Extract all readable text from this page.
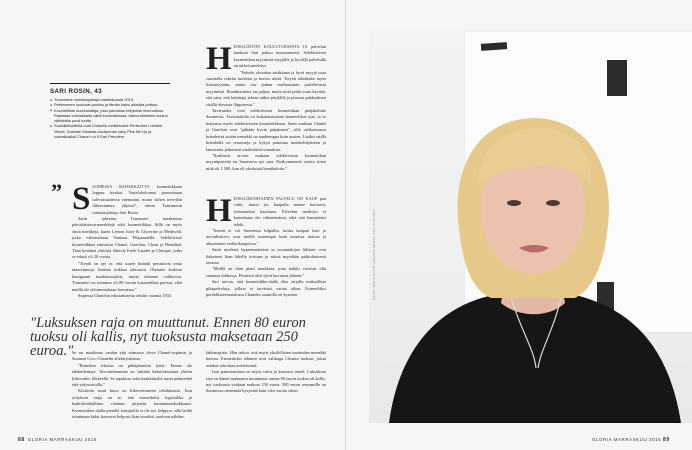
SARI ROSIN, 43
► Transmerin toimitusjohtaja maaliskuusta 2015.
► Perheeseen kuuluvat puoliso ja tämän kaksi aikuista poikaa.
► Kosmetiikan suurkuluttaja, joka panostaa erityisesti ihonhoitoon. Rakastaa voimakkaita väriä luomiväreissa. Aamurutiineihin kuuluu vähintään puoli tuntia.
► Suosikkituotteita ovat Chanelin meikkivoide Perfection Lumière Velvet, Guerlain Kisskiss-huulipunan sävy Pink Me Up ja voimakkaiksi Chanel n:o 5 Eau Première.
” SUOMESSA RAHAKKAITTO kosmetiikkaan loppuu levakat. Vartaloholonnot panostetaan tulevaisuudessa enemmän, mutta siihen tren-diin liiketoiminta jäljessä", toteaa Transmerin toimitusjohtaja Sari Rosin.

Sarin johtama Transmeri maahantuo päivittäistavaramerkkejä sekä kosmetiikkaa. Sillä on myös omia merkkejä, kuten Lemon Juice & Glycerine ja Mediwith, jotka valmistetaan Vantaan Pitajamäellä. Selektiivistä kosmetiikkaa edustavat Chanel, Guerlain, Clean ja Herndbal. Tänä keväänä yhtiöstä lähtivät Estée Lauder ja Clinique, jotka se edusti yli 20 vuotta.

"Trendi on nyt se, että suuret brändit perustavat omia maaorinnoja, kunhan tiukkaa tahtoavat. Olemme kaikista kumppanit maahantuojiksi, mutta olemme valikoivia. Transmeri on toiminut yli 80 vuotta kosmetiikan parissa, eikä meillä ole aikomustakaan luovuttaa."

Suptessa Chanelin edustamisesta tehtiin vuonna 1933.

HENKILÖSTÖN KOULUTUKSESTA JA palvelun laadusta Sari puhuu innostuneesti. Selektiivisen kosmetiikan myymistä myyjälle ja hyvällä palvelulla on tärkeä merkitys.

"Palvelu ohouttaa asiakkaan ja hyvä myyjä osaa suositella oikeita tuotteita ja kertoa niistä. Tieyoti tähdätään myös lisäsmyyntiin, mutta itse puhun mieluummin palvelevasta myynnistä. Brandtuotteita on paljon, mutta niitä pitää osata käyttää, että saisi, että kuluttaja jaksaa tutkia pöydällä ja pinossa pakkauksen sisällä olevasta flippusesta."

Tavaratalot ovat selektiivisen kosmetiikan pääjakeluite Suomessa. Tavaratalolla on kokonaisuutena haasteelliset ajat, ja se heijastuu myös selektiiviseen kosmetiikkaan. Sarin mukaan Chanel ja Guerlain ovat "pitkään hyvin pärjänneet", sillä valikoimassa brändeissä sisään menekki on taudtemppa kuin uusien. Lisäksi näillä brändeillä on resursseja ja kykyä panostaa tuotekehitykseen ja lanseerata jatkuvasti merkittäviä uutuuksia.

"Karkeasti arvion mukaan selektiivisen kosmetiikan myyntipisteitä on Suomessa nyt sata. Parikymmentä vuotta sitten niitä oli 1 500, kun oli yksityisiä kemikaloita."

HENKILÖKOHTAINEN PALVELU ON KAUP pan valtti, mutta jos kaupalla menee huonosti, työtunneista karsitaan. Palvelun merkitys ei kuitenkaan ole vähenemässä, eikä sitä kannattaisi tehdä.

"Itsestä ei voi Suomessa kilpailla, koska kaupan kate ja arvonlisävero ovat meillä suurempia kuin monissa maissa ja aikomatoin verkkokaupoissa."

Sarin mielestä hypermarketien ja tavaratalojen liikkeet ovat ilakaiseet liian lähelle toisiaan ja niissä myydään pääkohtaisesti tavaraa.

"Meillä on liian pieni markkina, jotta kaikki voisivat olla samassa lokkossa. Pesäessä olisi hyvä kuvastaa jälseen."

Sari toivoo, että kosmetiikka-alalla olisi tarjolla maksullisia pikapalveluja, jollain ei tarvitsisi varata aikaa. Esimerkiksi parilohlatavaratalossa Chanelin osastolla on kynsien

"Luksuksen raja on muuttunut. Ennen 80 euron tuoksu oli kallis, nyt tuoksusta maksetaan 250 euroa."

Se on maailman vanhin yhä toimassa oleva Chanel-sopimus ja Suomen Coco Chanelin allekirjoittama.

"Brändien edustus on pitkäjänteistä työtä. Emme ole tähdenlentoja. Tavoitteenamme on välittää kaksitekstaisaa yhtiön liikevaihto liikkeellä. Se tapahtuu sekä hankkimalla uusia päämiehiä että yritysostoilla."

Kiittävän suuri kuoo on liikevoittaneen tehokkuutta. Ison yrityksen etuja on se, että esimerkiksi logistiikka ja henkilöstöhallinto voidaan järjestää kustannustehokkaasti. Kosmetiikka-alalla pienillä toimijoilla ei ole nyt helppoa, sillä heillä toiminnan kulut kasvavat helposti liian suuriksi tuottoon nähden.

lakkauspiste. Hän uskoo, että myös yksilöllisten tuotteiden menekki kasvaa. Esimerkiksi tähänsä ovat valikuga Cleanin tuoksut, joista asiakas sekoittaa mieleisensä.

Ison panostamisen on myös vaiva ja kanvava trendi. Luksuksen raja on hänen mukaansa muuttunut: ennen 80 euron tuoksu oli kallis, nyt tuoksusta voidaan maksaa 250 euroa. 500 euron seerumille on Suomessa menemää kysyntää kuin viisi vuotta sitten.

88 GLORIA MARRASKUU 2015
KUVAT: MARJA-RIITTA VEKAMAA MEIKKI: SARI NUUTINEN
GLORIA MARRASKUU 2015 89
